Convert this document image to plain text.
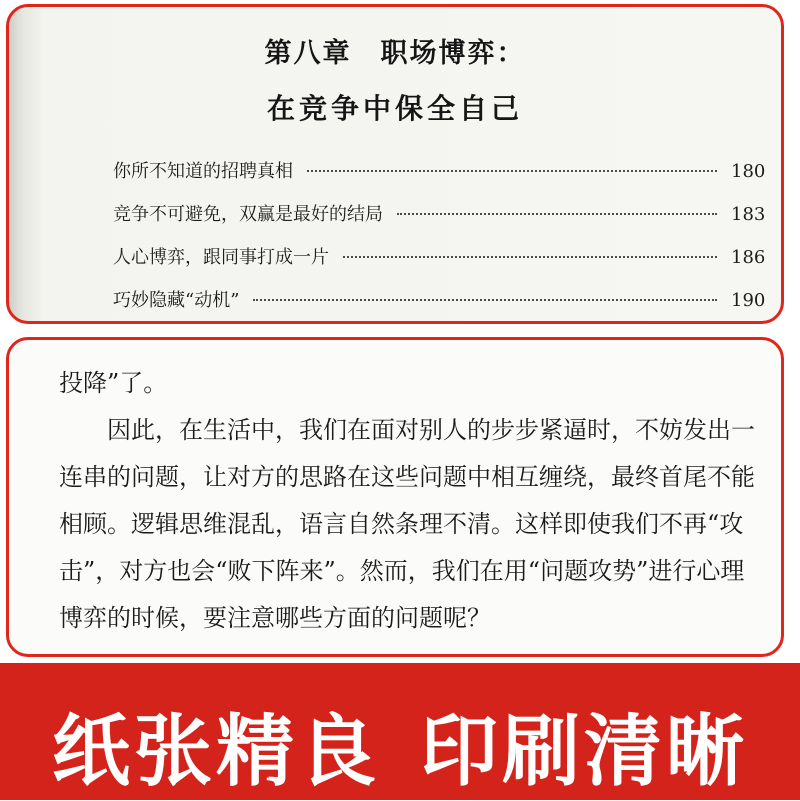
第八章　职场博弈：
在竞争中保全自己
你所不知道的招聘真相	180
竞争不可避免，双赢是最好的结局	183
人心博弈，跟同事打成一片	186
巧妙隐藏“动机”	190

投降”了。

因此，在生活中，我们在面对别人的步步紧逼时，不妨发出一连串的问题，让对方的思路在这些问题中相互缠绕，最终首尾不能相顾。逻辑思维混乱，语言自然条理不清。这样即使我们不再“攻击”，对方也会“败下阵来”。然而，我们在用“问题攻势”进行心理博弈的时候，要注意哪些方面的问题呢？

纸张精良 印刷清晰
